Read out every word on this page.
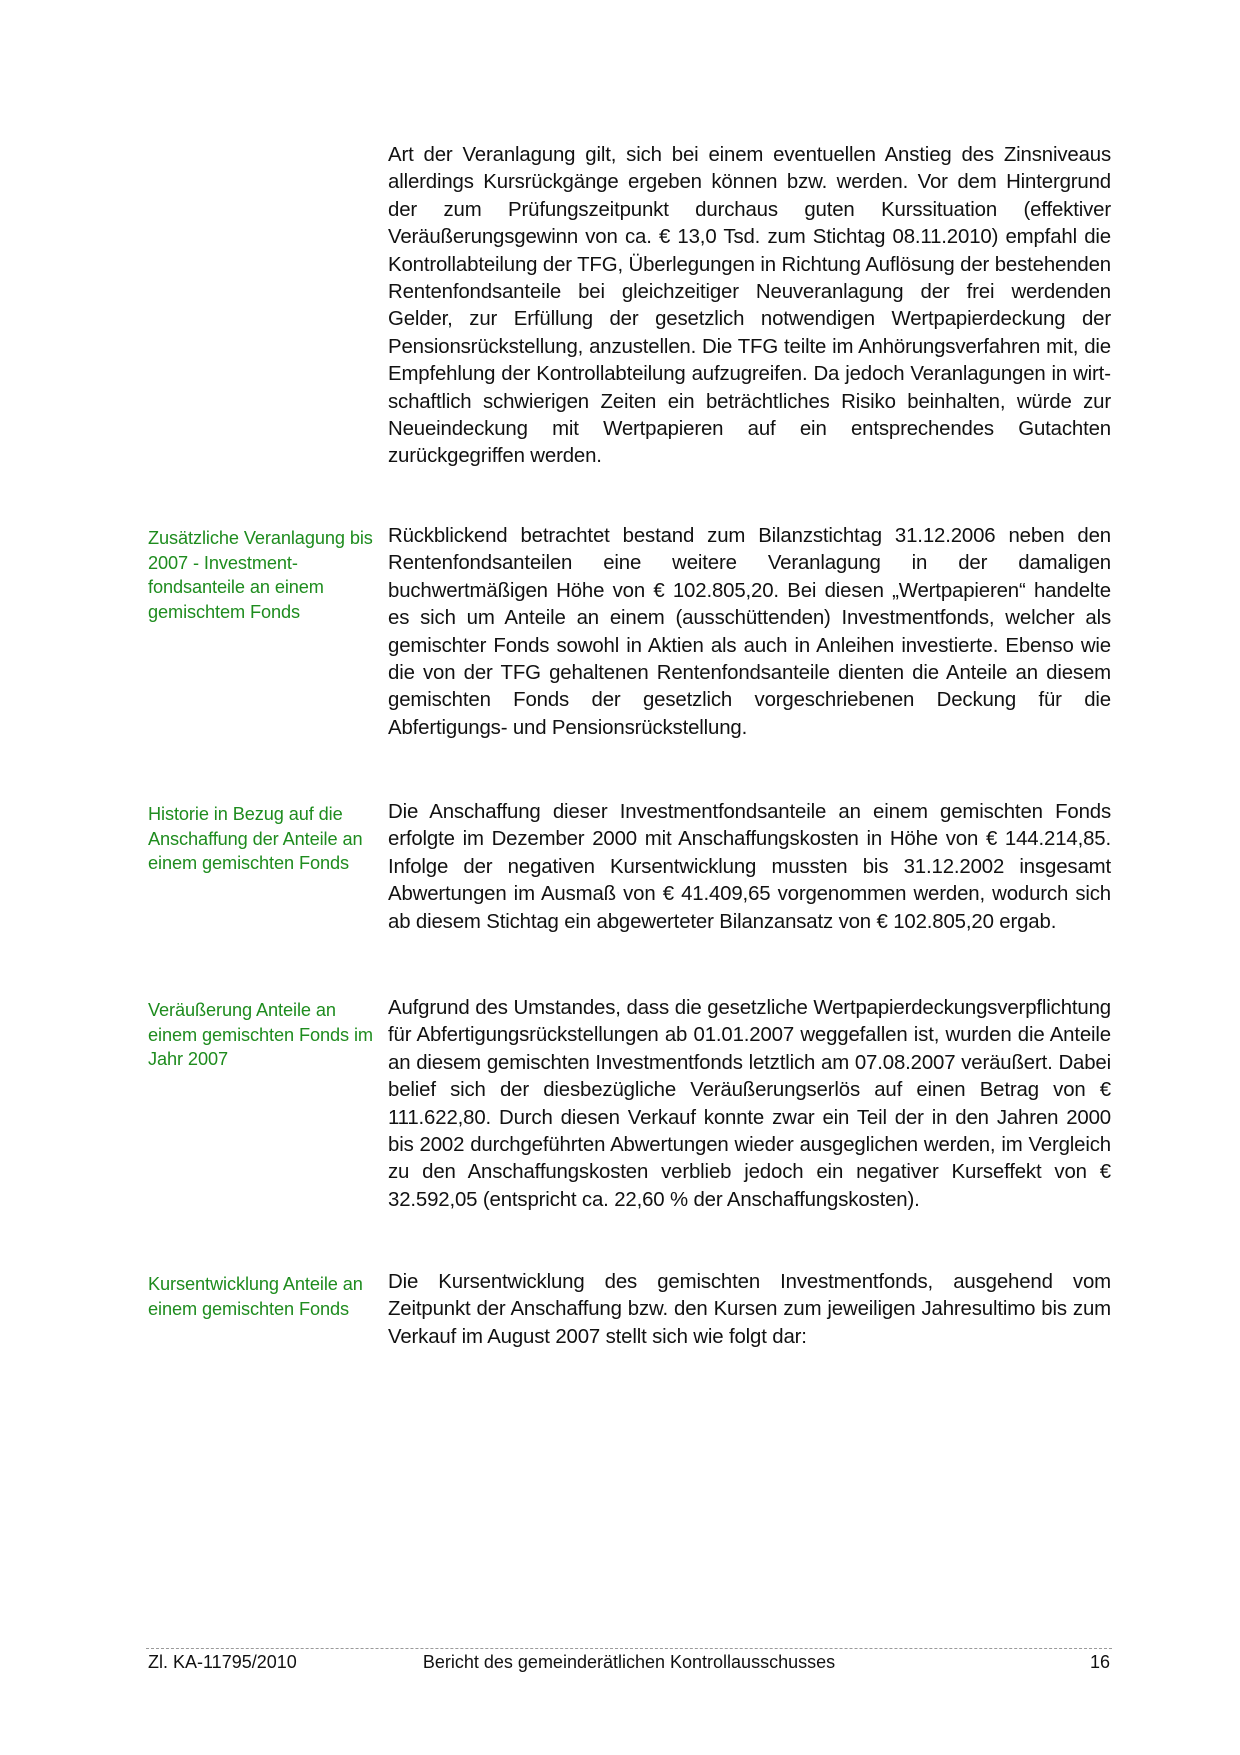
Art der Veranlagung gilt, sich bei einem eventuellen Anstieg des Zinsniveaus allerdings Kursrückgänge ergeben können bzw. werden. Vor dem Hintergrund der zum Prüfungszeitpunkt durchaus guten Kurssituation (effektiver Veräußerungsgewinn von ca. € 13,0 Tsd. zum Stichtag 08.11.2010) empfahl die Kontrollabteilung der TFG, Überlegungen in Richtung Auflösung der bestehenden Rentenfondsanteile bei gleichzeitiger Neuveranlagung der frei werdenden Gelder, zur Erfüllung der gesetzlich notwendigen Wertpapierdeckung der Pensionsrückstellung, anzustellen. Die TFG teilte im Anhörungsverfahren mit, die Empfehlung der Kontrollabteilung aufzugreifen. Da jedoch Veranlagungen in wirtschaftlich schwierigen Zeiten ein beträchtliches Risiko beinhalten, würde zur Neueindeckung mit Wertpapieren auf ein entsprechendes Gutachten zurückgegriffen werden.
Zusätzliche Veranlagung bis 2007 - Investmentfondsanteile an einem gemischtem Fonds
Rückblickend betrachtet bestand zum Bilanzstichtag 31.12.2006 neben den Rentenfondsanteilen eine weitere Veranlagung in der damaligen buchwertmäßigen Höhe von € 102.805,20. Bei diesen „Wertpapieren“ handelte es sich um Anteile an einem (ausschüttenden) Investmentfonds, welcher als gemischter Fonds sowohl in Aktien als auch in Anleihen investierte. Ebenso wie die von der TFG gehaltenen Rentenfondsanteile dienten die Anteile an diesem gemischten Fonds der gesetzlich vorgeschriebenen Deckung für die Abfertigungs- und Pensionsrückstellung.
Historie in Bezug auf die Anschaffung der Anteile an einem gemischten Fonds
Die Anschaffung dieser Investmentfondsanteile an einem gemischten Fonds erfolgte im Dezember 2000 mit Anschaffungskosten in Höhe von € 144.214,85. Infolge der negativen Kursentwicklung mussten bis 31.12.2002 insgesamt Abwertungen im Ausmaß von € 41.409,65 vorgenommen werden, wodurch sich ab diesem Stichtag ein abgewerteter Bilanzansatz von € 102.805,20 ergab.
Veräußerung Anteile an einem gemischten Fonds im Jahr 2007
Aufgrund des Umstandes, dass die gesetzliche Wertpapierdeckungsverpflichtung für Abfertigungsrückstellungen ab 01.01.2007 weggefallen ist, wurden die Anteile an diesem gemischten Investmentfonds letztlich am 07.08.2007 veräußert. Dabei belief sich der diesbezügliche Veräußerungserlös auf einen Betrag von € 111.622,80. Durch diesen Verkauf konnte zwar ein Teil der in den Jahren 2000 bis 2002 durchgeführten Abwertungen wieder ausgeglichen werden, im Vergleich zu den Anschaffungskosten verblieb jedoch ein negativer Kurseffekt von € 32.592,05 (entspricht ca. 22,60 % der Anschaffungskosten).
Kursentwicklung Anteile an einem gemischten Fonds
Die Kursentwicklung des gemischten Investmentfonds, ausgehend vom Zeitpunkt der Anschaffung bzw. den Kursen zum jeweiligen Jahresultimo bis zum Verkauf im August 2007 stellt sich wie folgt dar:
Zl. KA-11795/2010	Bericht des gemeinderätlichen Kontrollausschusses	16
